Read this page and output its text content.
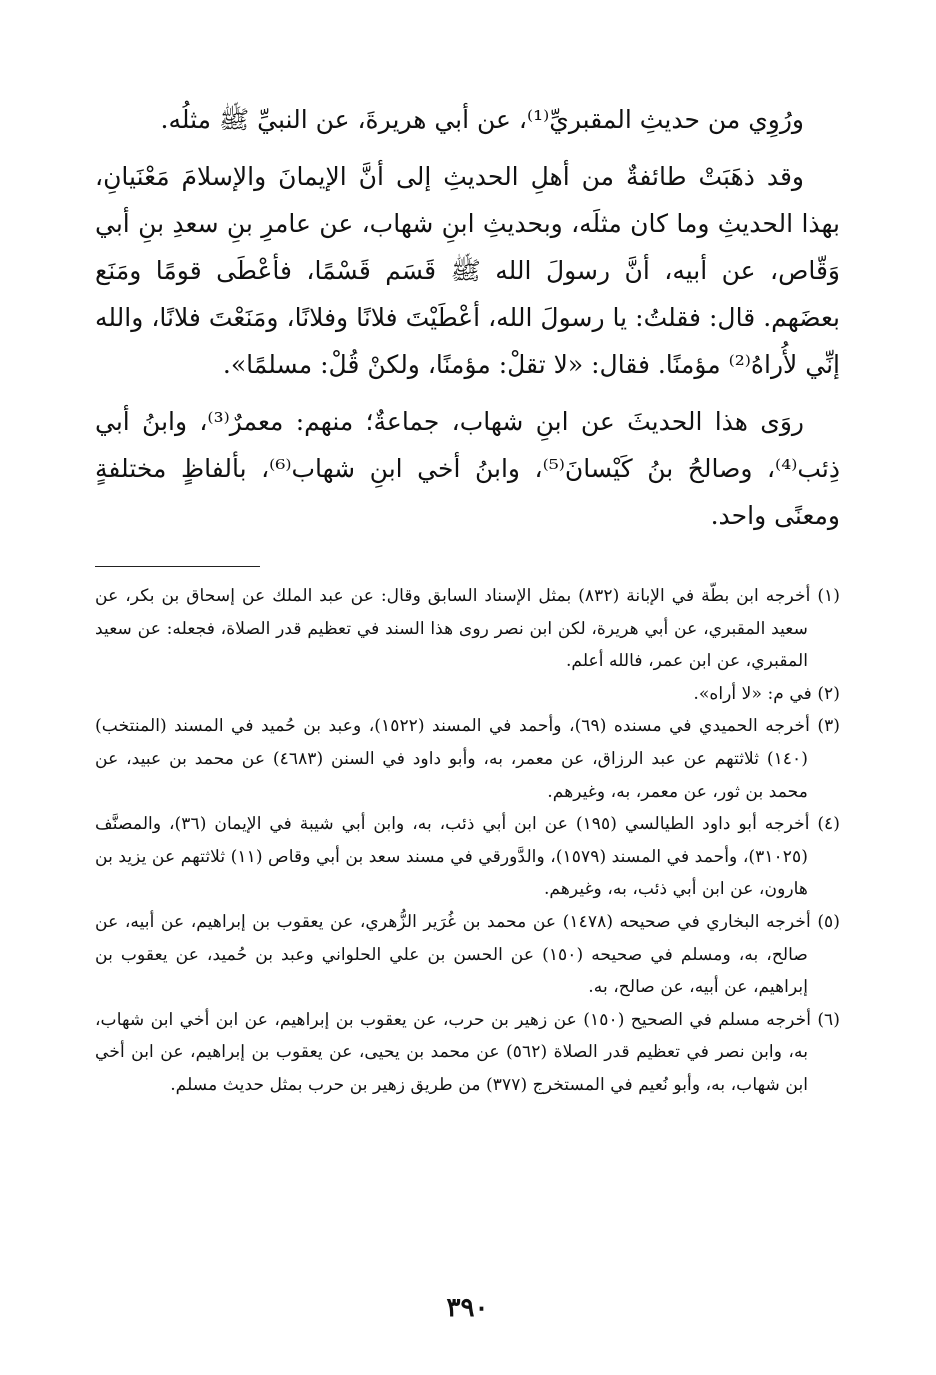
ورُوِي من حديثِ المقبريِّ⁽¹⁾، عن أبي هريرةَ، عن النبيِّ ﷺ مثلُه.

وقد ذهَبَتْ طائفةٌ من أهلِ الحديثِ إلى أنَّ الإيمانَ والإسلامَ مَعْنَيانِ، بهذا الحديثِ وما كان مثلَه، وبحديثِ ابنِ شهاب، عن عامرِ بنِ سعدِ بنِ أبي وَقّاص، عن أبيه، أنَّ رسولَ الله ﷺ قَسَم قَسْمًا، فأعْطَى قومًا ومَنَع بعضَهم. قال: فقلتُ: يا رسولَ الله، أعْطَيْتَ فلانًا وفلانًا، ومَنَعْتَ فلانًا، والله إنِّي لأُراهُ⁽²⁾ مؤمنًا. فقال: «لا تقلْ: مؤمنًا، ولكنْ قُلْ: مسلمًا».

روَى هذا الحديثَ عن ابنِ شهاب، جماعةٌ؛ منهم: معمرٌ⁽³⁾، وابنُ أبي ذِئب⁽⁴⁾، وصالحُ بنُ كَيْسانَ⁽⁵⁾، وابنُ أخي ابنِ شهاب⁽⁶⁾، بألفاظٍ مختلفةٍ ومعنًى واحد.

(١) أخرجه ابن بطّة في الإبانة (٨٣٢) بمثل الإسناد السابق وقال: عن عبد الملك عن إسحاق بن بكر، عن سعيد المقبري، عن أبي هريرة، لكن ابن نصر روى هذا السند في تعظيم قدر الصلاة، فجعله: عن سعيد المقبري، عن ابن عمر، فالله أعلم.

(٢) في م: «لا أراه».

(٣) أخرجه الحميدي في مسنده (٦٩)، وأحمد في المسند (١٥٢٢)، وعبد بن حُميد في المسند (المنتخب) (١٤٠) ثلاثتهم عن عبد الرزاق، عن معمر، به، وأبو داود في السنن (٤٦٨٣) عن محمد بن عبيد، عن محمد بن ثور، عن معمر، به، وغيرهم.

(٤) أخرجه أبو داود الطيالسي (١٩٥) عن ابن أبي ذئب، به، وابن أبي شيبة في الإيمان (٣٦)، والمصنَّف (٣١٠٢٥)، وأحمد في المسند (١٥٧٩)، والدَّورقي في مسند سعد بن أبي وقاص (١١) ثلاثتهم عن يزيد بن هارون، عن ابن أبي ذئب، به، وغيرهم.

(٥) أخرجه البخاري في صحيحه (١٤٧٨) عن محمد بن غُرَير الزُّهري، عن يعقوب بن إبراهيم، عن أبيه، عن صالح، به، ومسلم في صحيحه (١٥٠) عن الحسن بن علي الحلواني وعبد بن حُميد، عن يعقوب بن إبراهيم، عن أبيه، عن صالح، به.

(٦) أخرجه مسلم في الصحيح (١٥٠) عن زهير بن حرب، عن يعقوب بن إبراهيم، عن ابن أخي ابن شهاب، به، وابن نصر في تعظيم قدر الصلاة (٥٦٢) عن محمد بن يحيى، عن يعقوب بن إبراهيم، عن ابن أخي ابن شهاب، به، وأبو نُعيم في المستخرج (٣٧٧) من طريق زهير بن حرب بمثل حديث مسلم.

٣٩٠
